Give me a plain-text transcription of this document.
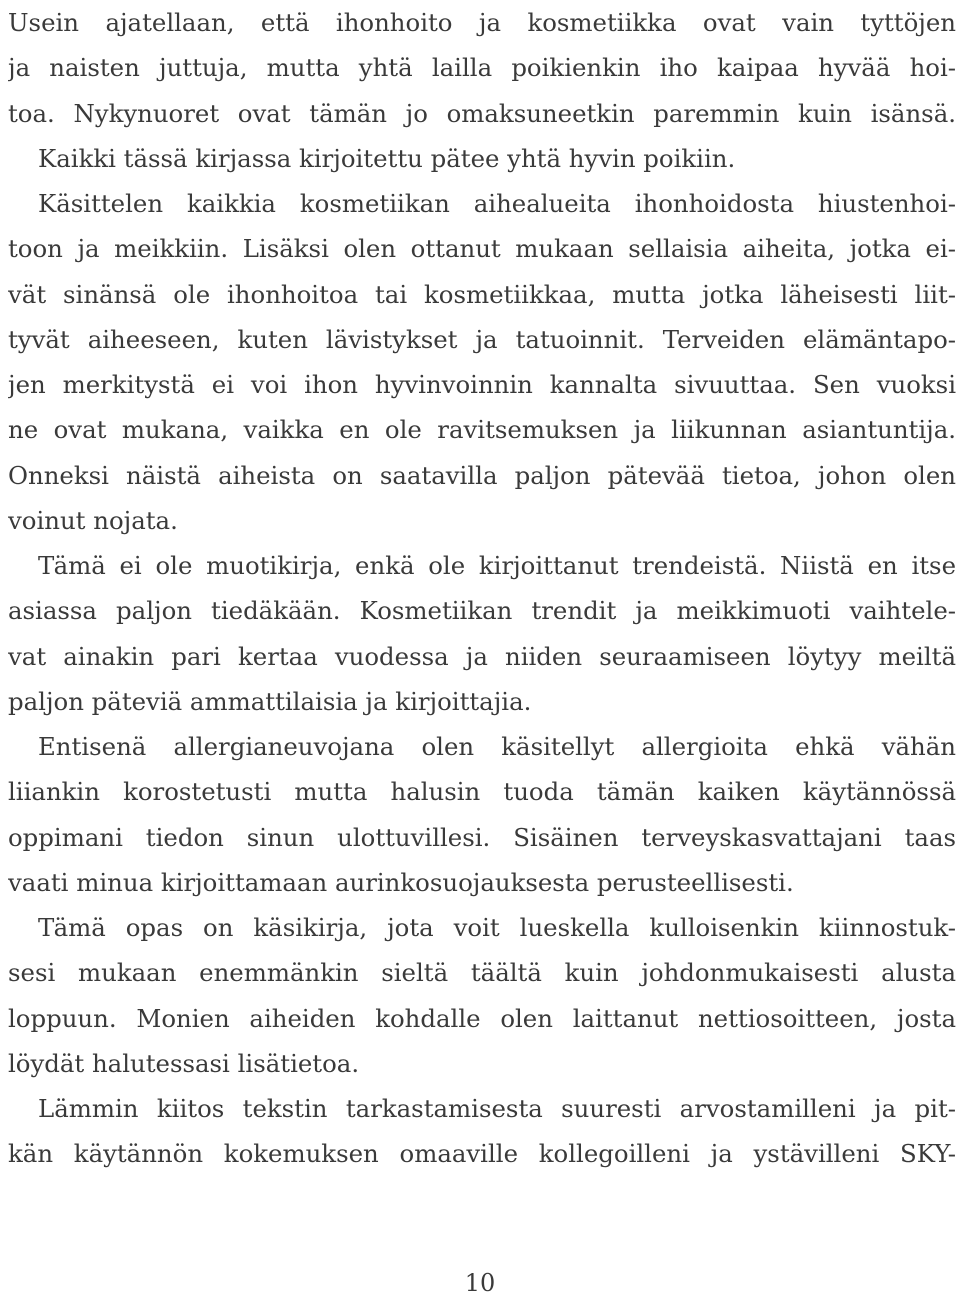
Usein ajatellaan, että ihonhoito ja kosmetiikka ovat vain tyttöjen
ja naisten juttuja, mutta yhtä lailla poikienkin iho kaipaa hyvää hoi-
toa. Nykynuoret ovat tämän jo omaksuneetkin paremmin kuin isänsä.
Kaikki tässä kirjassa kirjoitettu pätee yhtä hyvin poikiin.
Käsittelen kaikkia kosmetiikan aihealueita ihonhoidosta hiustenhoi-
toon ja meikkiin. Lisäksi olen ottanut mukaan sellaisia aiheita, jotka ei-
vät sinänsä ole ihonhoitoa tai kosmetiikkaa, mutta jotka läheisesti liit-
tyvät aiheeseen, kuten lävistykset ja tatuoinnit. Terveiden elämäntapo-
jen merkitystä ei voi ihon hyvinvoinnin kannalta sivuuttaa. Sen vuoksi
ne ovat mukana, vaikka en ole ravitsemuksen ja liikunnan asiantuntija.
Onneksi näistä aiheista on saatavilla paljon pätevää tietoa, johon olen
voinut nojata.
Tämä ei ole muotikirja, enkä ole kirjoittanut trendeistä. Niistä en itse
asiassa paljon tiedäkään. Kosmetiikan trendit ja meikkimuoti vaihtele-
vat ainakin pari kertaa vuodessa ja niiden seuraamiseen löytyy meiltä
paljon päteviä ammattilaisia ja kirjoittajia.
Entisenä allergianeuvojana olen käsitellyt allergioita ehkä vähän
liiankin korostetusti mutta halusin tuoda tämän kaiken käytännössä
oppimani tiedon sinun ulottuvillesi. Sisäinen terveyskasvattajani taas
vaati minua kirjoittamaan aurinkosuojauksesta perusteellisesti.
Tämä opas on käsikirja, jota voit lueskella kulloisenkin kiinnostuk-
sesi mukaan enemmänkin sieltä täältä kuin johdonmukaisesti alusta
loppuun. Monien aiheiden kohdalle olen laittanut nettiosoitteen, josta
löydät halutessasi lisätietoa.
Lämmin kiitos tekstin tarkastamisesta suuresti arvostamilleni ja pit-
kän käytännön kokemuksen omaaville kollegoilleni ja ystävilleni SKY-
10
